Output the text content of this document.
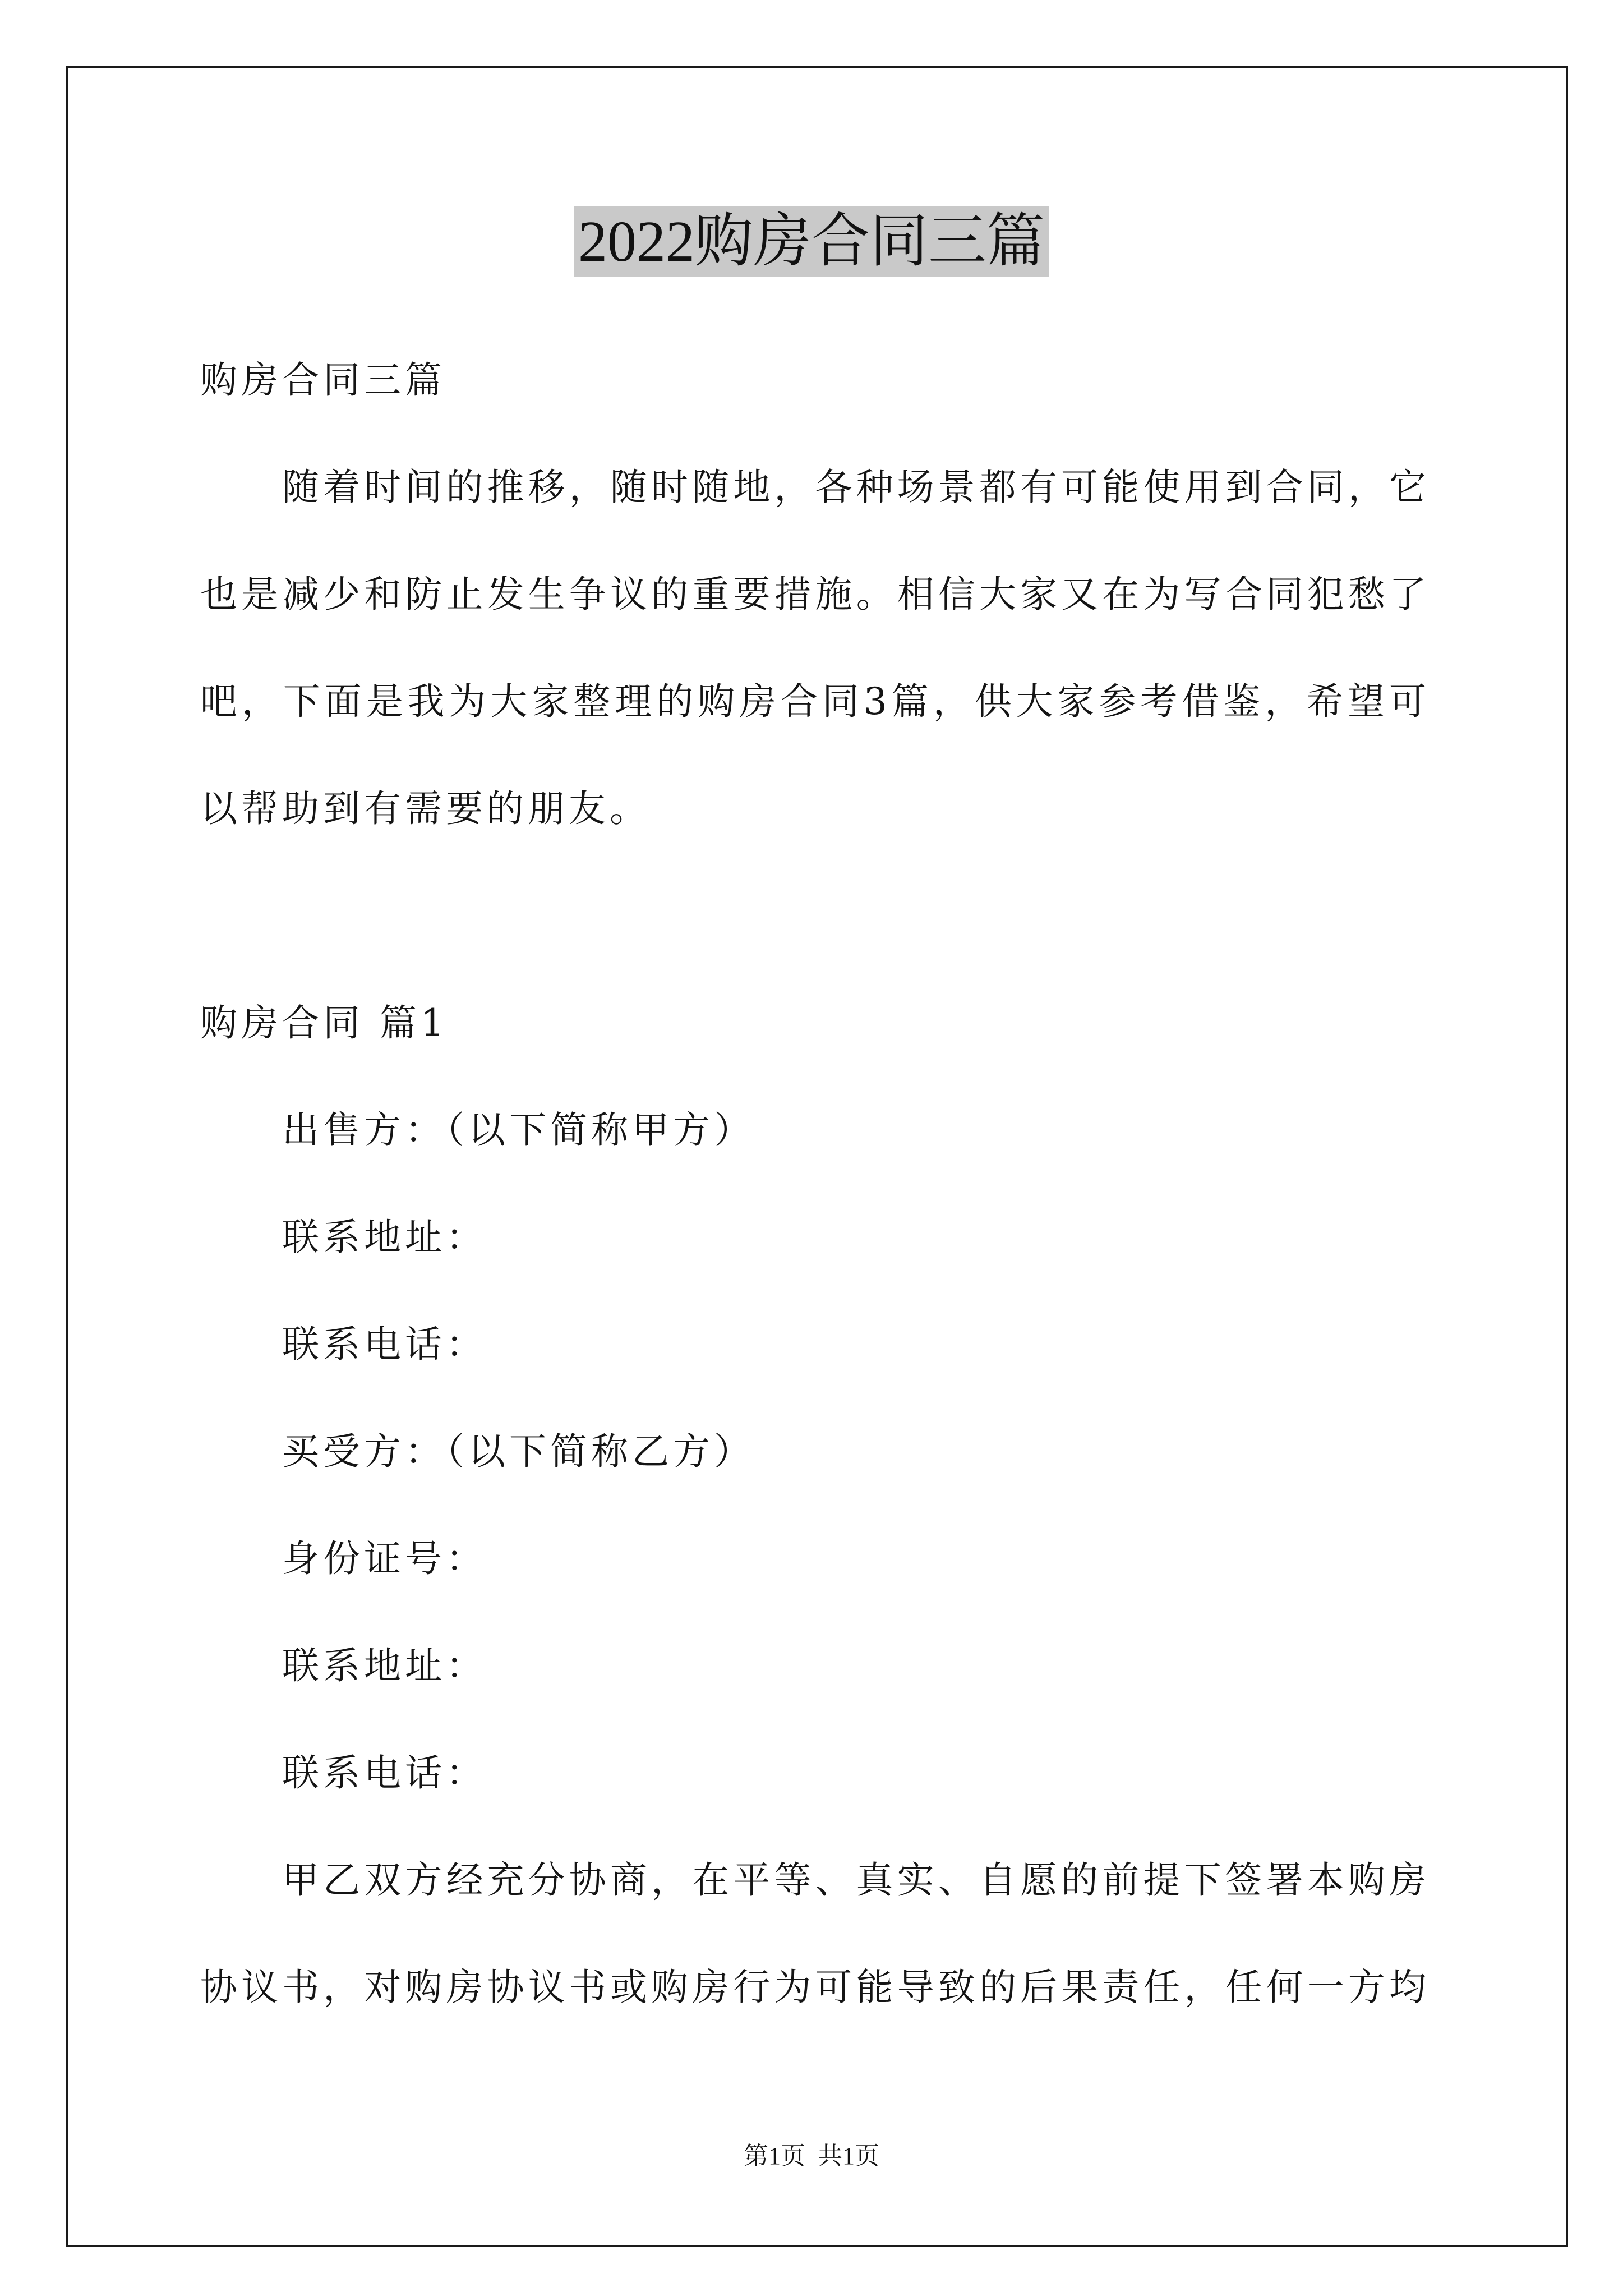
2022购房合同三篇
购房合同三篇
随着时间的推移，随时随地，各种场景都有可能使用到合同，它
也是减少和防止发生争议的重要措施。相信大家又在为写合同犯愁了
吧，下面是我为大家整理的购房合同3篇，供大家参考借鉴，希望可
以帮助到有需要的朋友。
购房合同 篇1
出售方：（以下简称甲方）
联系地址：
联系电话：
买受方：（以下简称乙方）
身份证号：
联系地址：
联系电话：
甲乙双方经充分协商，在平等、真实、自愿的前提下签署本购房
协议书，对购房协议书或购房行为可能导致的后果责任，任何一方均
第1页  共1页
